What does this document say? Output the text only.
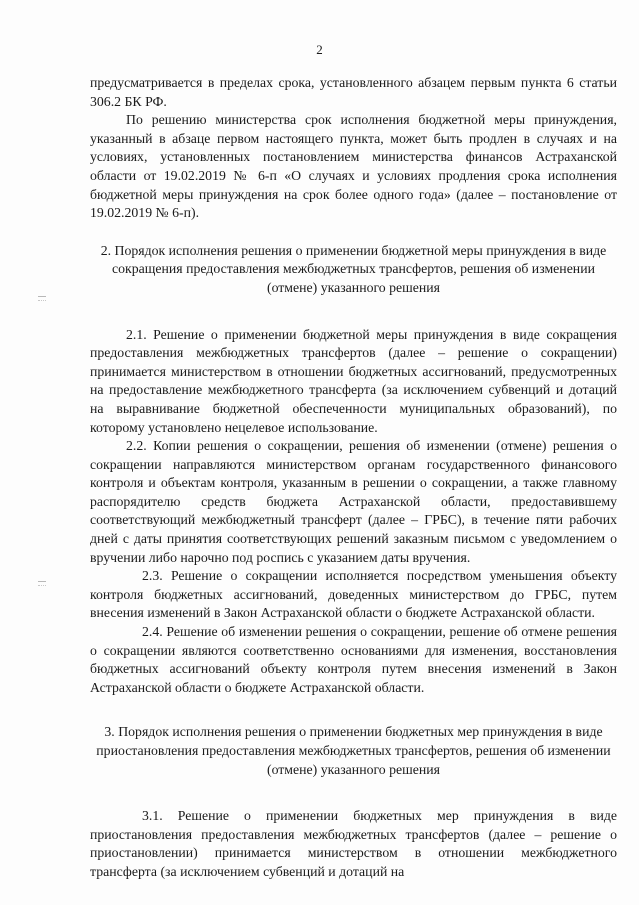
2

предусматривается в пределах срока, установленного абзацем первым пункта 6 статьи 306.2 БК РФ.

По решению министерства срок исполнения бюджетной меры принуждения, указанный в абзаце первом настоящего пункта, может быть продлен в случаях и на условиях, установленных постановлением министерства финансов Астраханской области от 19.02.2019 № 6-п «О случаях и условиях продления срока исполнения бюджетной меры принуждения на срок более одного года» (далее – постановление от 19.02.2019 № 6-п).

2. Порядок исполнения решения о применении бюджетной меры принуждения в виде сокращения предоставления межбюджетных трансфертов, решения об изменении (отмене) указанного решения

2.1. Решение о применении бюджетной меры принуждения в виде сокращения предоставления межбюджетных трансфертов (далее – решение о сокращении) принимается министерством в отношении бюджетных ассигнований, предусмотренных на предоставление межбюджетного трансферта (за исключением субвенций и дотаций на выравнивание бюджетной обеспеченности муниципальных образований), по которому установлено нецелевое использование.

2.2. Копии решения о сокращении, решения об изменении (отмене) решения о сокращении направляются министерством органам государственного финансового контроля и объектам контроля, указанным в решении о сокращении, а также главному распорядителю средств бюджета Астраханской области, предоставившему соответствующий межбюджетный трансферт (далее – ГРБС), в течение пяти рабочих дней с даты принятия соответствующих решений заказным письмом с уведомлением о вручении либо нарочно под роспись с указанием даты вручения.

2.3. Решение о сокращении исполняется посредством уменьшения объекту контроля бюджетных ассигнований, доведенных министерством до ГРБС, путем внесения изменений в Закон Астраханской области о бюджете Астраханской области.

2.4. Решение об изменении решения о сокращении, решение об отмене решения о сокращении являются соответственно основаниями для изменения, восстановления бюджетных ассигнований объекту контроля путем внесения изменений в Закон Астраханской области о бюджете Астраханской области.

3. Порядок исполнения решения о применении бюджетных мер принуждения в виде приостановления предоставления межбюджетных трансфертов, решения об изменении (отмене) указанного решения

3.1. Решение о применении бюджетных мер принуждения в виде приостановления предоставления межбюджетных трансфертов (далее – решение о приостановлении) принимается министерством в отношении межбюджетного трансферта (за исключением субвенций и дотаций на
